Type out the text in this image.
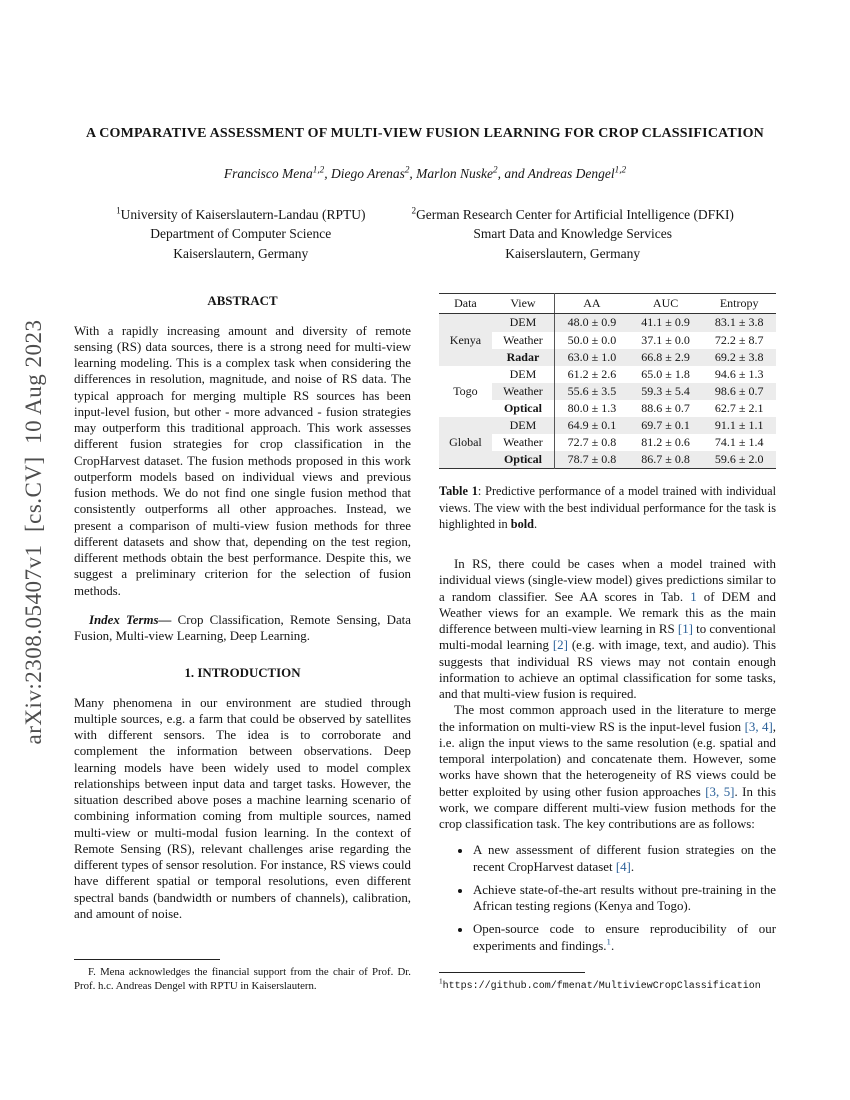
arXiv:2308.05407v1  [cs.CV]  10 Aug 2023
A COMPARATIVE ASSESSMENT OF MULTI-VIEW FUSION LEARNING FOR CROP CLASSIFICATION
Francisco Mena$^{1,2}$, Diego Arenas$^2$, Marlon Nuske$^2$, and Andreas Dengel$^{1,2}$
$^1$University of Kaiserslautern-Landau (RPTU)
Department of Computer Science
Kaiserslautern, Germany
$^2$German Research Center for Artificial Intelligence (DFKI)
Smart Data and Knowledge Services
Kaiserslautern, Germany
ABSTRACT

With a rapidly increasing amount and diversity of remote sensing (RS) data sources, there is a strong need for multi-view learning modeling. This is a complex task when considering the differences in resolution, magnitude, and noise of RS data. The typical approach for merging multiple RS sources has been input-level fusion, but other - more advanced - fusion strategies may outperform this traditional approach. This work assesses different fusion strategies for crop classification in the CropHarvest dataset. The fusion methods proposed in this work outperform models based on individual views and previous fusion methods. We do not find one single fusion method that consistently outperforms all other approaches. Instead, we present a comparison of multi-view fusion methods for three different datasets and show that, depending on the test region, different methods obtain the best performance. Despite this, we suggest a preliminary criterion for the selection of fusion methods.

Index Terms— Crop Classification, Remote Sensing, Data Fusion, Multi-view Learning, Deep Learning.

1. INTRODUCTION

Many phenomena in our environment are studied through multiple sources, e.g. a farm that could be observed by satellites with different sensors. The idea is to corroborate and complement the information between observations. Deep learning models have been widely used to model complex relationships between input data and target tasks. However, the situation described above poses a machine learning scenario of combining information coming from multiple sources, named multi-view or multi-modal fusion learning. In the context of Remote Sensing (RS), relevant challenges arise regarding the different types of sensor resolution. For instance, RS views could have different spatial or temporal resolutions, even different spectral bands (bandwidth or numbers of channels), calibration, and amount of noise.

F. Mena acknowledges the financial support from the chair of Prof. Dr. Prof. h.c. Andreas Dengel with RPTU in Kaiserslautern.

Data	View	AA	AUC	Entropy
Kenya	DEM	48.0 ± 0.9	41.1 ± 0.9	83.1 ± 3.8
	Weather	50.0 ± 0.0	37.1 ± 0.0	72.2 ± 8.7
	Radar	63.0 ± 1.0	66.8 ± 2.9	69.2 ± 3.8
Togo	DEM	61.2 ± 2.6	65.0 ± 1.8	94.6 ± 1.3
	Weather	55.6 ± 3.5	59.3 ± 5.4	98.6 ± 0.7
	Optical	80.0 ± 1.3	88.6 ± 0.7	62.7 ± 2.1
Global	DEM	64.9 ± 0.1	69.7 ± 0.1	91.1 ± 1.1
	Weather	72.7 ± 0.8	81.2 ± 0.6	74.1 ± 1.4
	Optical	78.7 ± 0.8	86.7 ± 0.8	59.6 ± 2.0

Table 1: Predictive performance of a model trained with individual views. The view with the best individual performance for the task is highlighted in bold.

In RS, there could be cases when a model trained with individual views (single-view model) gives predictions similar to a random classifier. See AA scores in Tab. 1 of DEM and Weather views for an example. We remark this as the main difference between multi-view learning in RS [1] to conventional multi-modal learning [2] (e.g. with image, text, and audio). This suggests that individual RS views may not contain enough information to achieve an optimal classification for some tasks, and that multi-view fusion is required.

The most common approach used in the literature to merge the information on multi-view RS is the input-level fusion [3, 4], i.e. align the input views to the same resolution (e.g. spatial and temporal interpolation) and concatenate them. However, some works have shown that the heterogeneity of RS views could be better exploited by using other fusion approaches [3, 5]. In this work, we compare different multi-view fusion methods for the crop classification task. The key contributions are as follows:

• A new assessment of different fusion strategies on the recent CropHarvest dataset [4].
• Achieve state-of-the-art results without pre-training in the African testing regions (Kenya and Togo).
• Open-source code to ensure reproducibility of our experiments and findings.$^1$.

$^1$https://github.com/fmenat/MultiviewCropClassification
